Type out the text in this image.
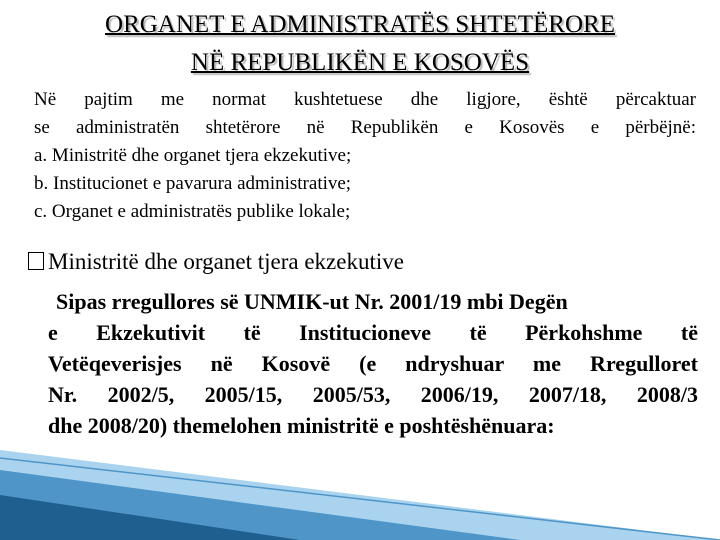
ORGANET E ADMINISTRATËS SHTETËRORE
NË REPUBLIKËN E KOSOVËS
Në pajtim me normat kushtetuese dhe ligjore, është përcaktuar
se administratën shtetërore në Republikën e Kosovës e përbëjnë:
a. Ministritë dhe organet tjera ekzekutive;
b. Institucionet e pavarura administrative;
c. Organet e administratës publike lokale;
Ministritë dhe organet tjera ekzekutive
Sipas rregullores së UNMIK-ut Nr. 2001/19 mbi Degën
e Ekzekutivit të Institucioneve të Përkohshme të
Vetëqeverisjes në Kosovë (e ndryshuar me Rregulloret
Nr. 2002/5, 2005/15, 2005/53, 2006/19, 2007/18, 2008/3
dhe 2008/20) themelohen ministritë e poshtëshënuara:
